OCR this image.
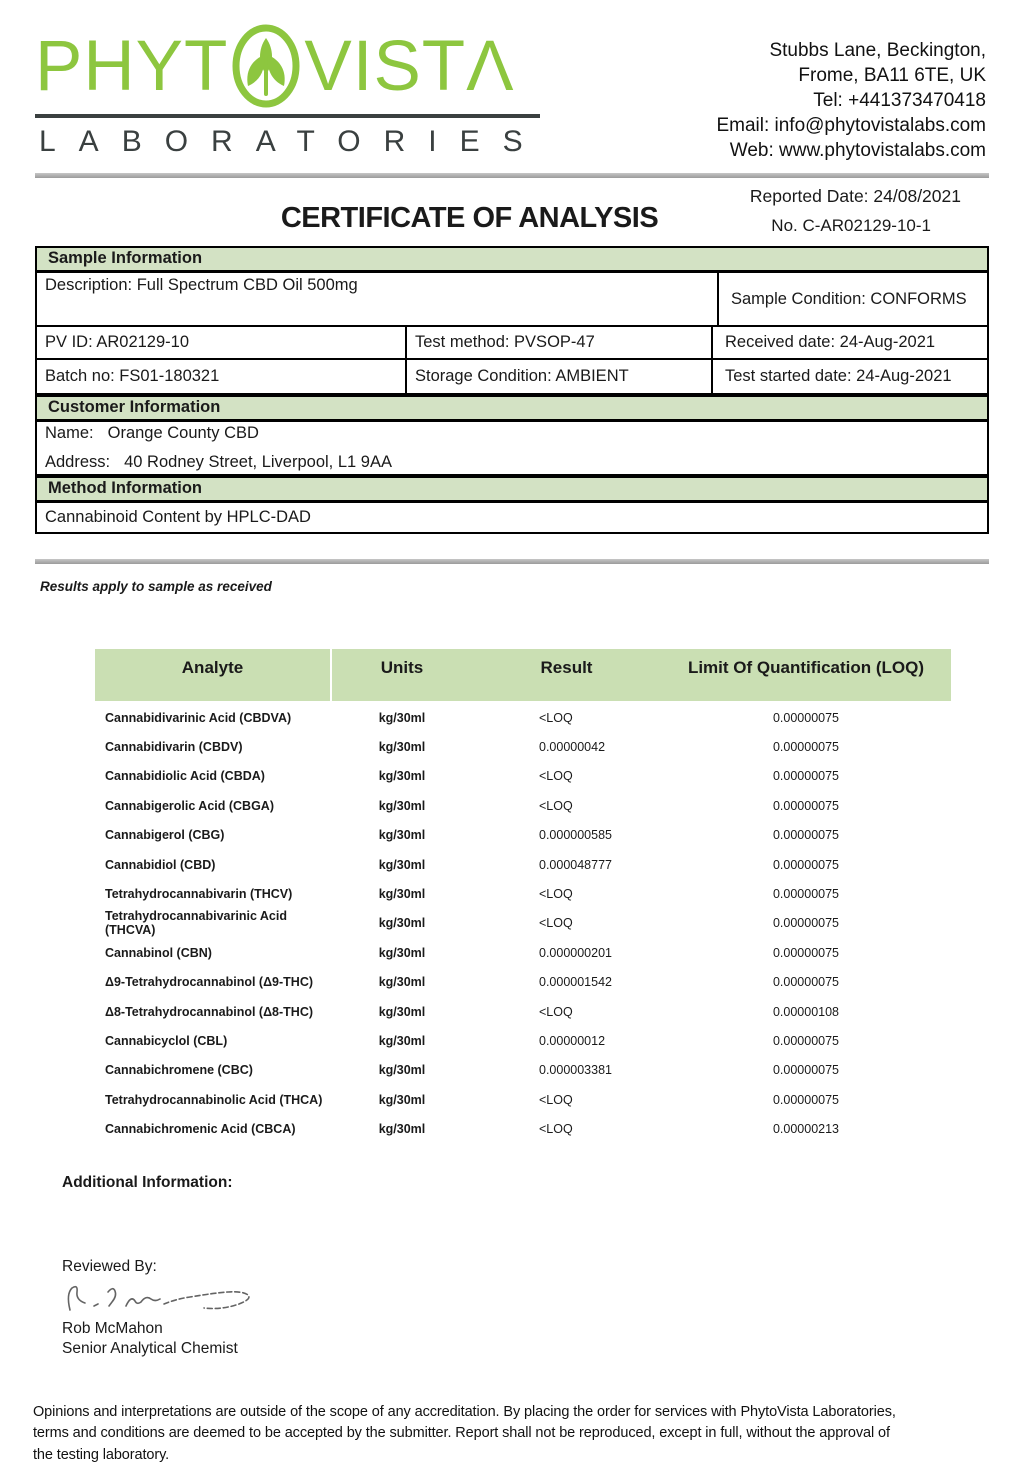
PHYT VISTΛ
LABORATORIES
Stubbs Lane, Beckington,
Frome, BA11 6TE, UK
Tel: +441373470418
Email: info@phytovistalabs.com
Web: www.phytovistalabs.com
Reported Date: 24/08/2021
CERTIFICATE OF ANALYSIS	No. C-AR02129-10-1
Sample Information
Description: Full Spectrum CBD Oil 500mg
Sample Condition: CONFORMS
PV ID: AR02129-10	Test method: PVSOP-47	Received date: 24-Aug-2021
Batch no: FS01-180321	Storage Condition: AMBIENT	Test started date: 24-Aug-2021
Customer Information
Name: Orange County CBD
Address: 40 Rodney Street, Liverpool, L1 9AA
Method Information
Cannabinoid Content by HPLC-DAD
Results apply to sample as received
Analyte	Units	Result	Limit Of Quantification (LOQ)
Cannabidivarinic Acid (CBDVA)	kg/30ml	<LOQ	0.00000075
Cannabidivarin (CBDV)	kg/30ml	0.00000042	0.00000075
Cannabidiolic Acid (CBDA)	kg/30ml	<LOQ	0.00000075
Cannabigerolic Acid (CBGA)	kg/30ml	<LOQ	0.00000075
Cannabigerol (CBG)	kg/30ml	0.000000585	0.00000075
Cannabidiol (CBD)	kg/30ml	0.000048777	0.00000075
Tetrahydrocannabivarin (THCV)	kg/30ml	<LOQ	0.00000075
Tetrahydrocannabivarinic Acid (THCVA)	kg/30ml	<LOQ	0.00000075
Cannabinol (CBN)	kg/30ml	0.000000201	0.00000075
Δ9-Tetrahydrocannabinol (Δ9-THC)	kg/30ml	0.000001542	0.00000075
Δ8-Tetrahydrocannabinol (Δ8-THC)	kg/30ml	<LOQ	0.00000108
Cannabicyclol (CBL)	kg/30ml	0.00000012	0.00000075
Cannabichromene (CBC)	kg/30ml	0.000003381	0.00000075
Tetrahydrocannabinolic Acid (THCA)	kg/30ml	<LOQ	0.00000075
Cannabichromenic Acid (CBCA)	kg/30ml	<LOQ	0.00000213
Additional Information:
Reviewed By:
Rob McMahon
Senior Analytical Chemist
Opinions and interpretations are outside of the scope of any accreditation. By placing the order for services with PhytoVista Laboratories,
terms and conditions are deemed to be accepted by the submitter. Report shall not be reproduced, except in full, without the approval of
the testing laboratory.
